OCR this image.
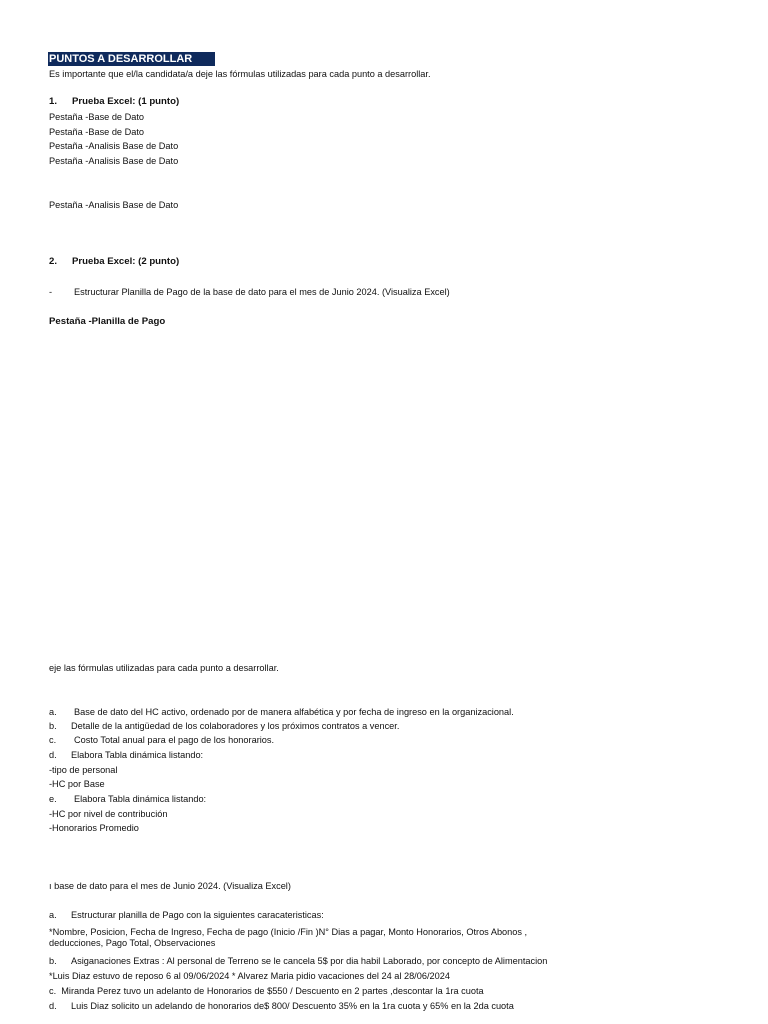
PUNTOS A DESARROLLAR
Es importante que el/la candidata/a deje las fórmulas utilizadas para cada punto a desarrollar.
1. Prueba Excel: (1 punto)
Pestaña -Base de Dato
Pestaña -Base de Dato
Pestaña -Analisis Base de Dato
Pestaña -Analisis Base de Dato
Pestaña -Analisis Base de Dato
2. Prueba Excel: (2 punto)
- Estructurar Planilla de Pago de la base de dato para el mes de Junio 2024. (Visualiza Excel)
Pestaña -Planilla de Pago
eje las fórmulas utilizadas para cada punto a desarrollar.
a. Base de dato del HC activo, ordenado por de manera alfabética y por fecha de ingreso en la organizacional.
b. Detalle de la antigüedad de los colaboradores y los próximos contratos a vencer.
c. Costo Total anual para el pago de los honorarios.
d. Elabora Tabla dinámica listando:
-tipo de personal
-HC por Base
e. Elabora Tabla dinámica listando:
-HC por nivel de contribución
-Honorarios Promedio
ı base de dato para el mes de Junio 2024. (Visualiza Excel)
a. Estructurar planilla de Pago con la siguientes caracateristicas:
*Nombre, Posicion, Fecha de Ingreso, Fecha de pago (Inicio /Fin )N° Dias a pagar, Monto Honorarios, Otros Abonos ,
deducciones, Pago Total, Observaciones
b. Asiganaciones Extras : Al personal de Terreno se le cancela 5$ por dia habil Laborado, por concepto de Alimentacion
*Luis Diaz estuvo de reposo 6 al 09/06/2024 * Alvarez Maria pidio vacaciones del 24 al 28/06/2024
c. Miranda Perez tuvo un adelanto de Honorarios de $550 / Descuento en 2 partes ,descontar la 1ra cuota
d. Luis Diaz solicito un adelando de honorarios de$ 800/ Descuento 35% en la 1ra cuota y 65% en la 2da cuota
